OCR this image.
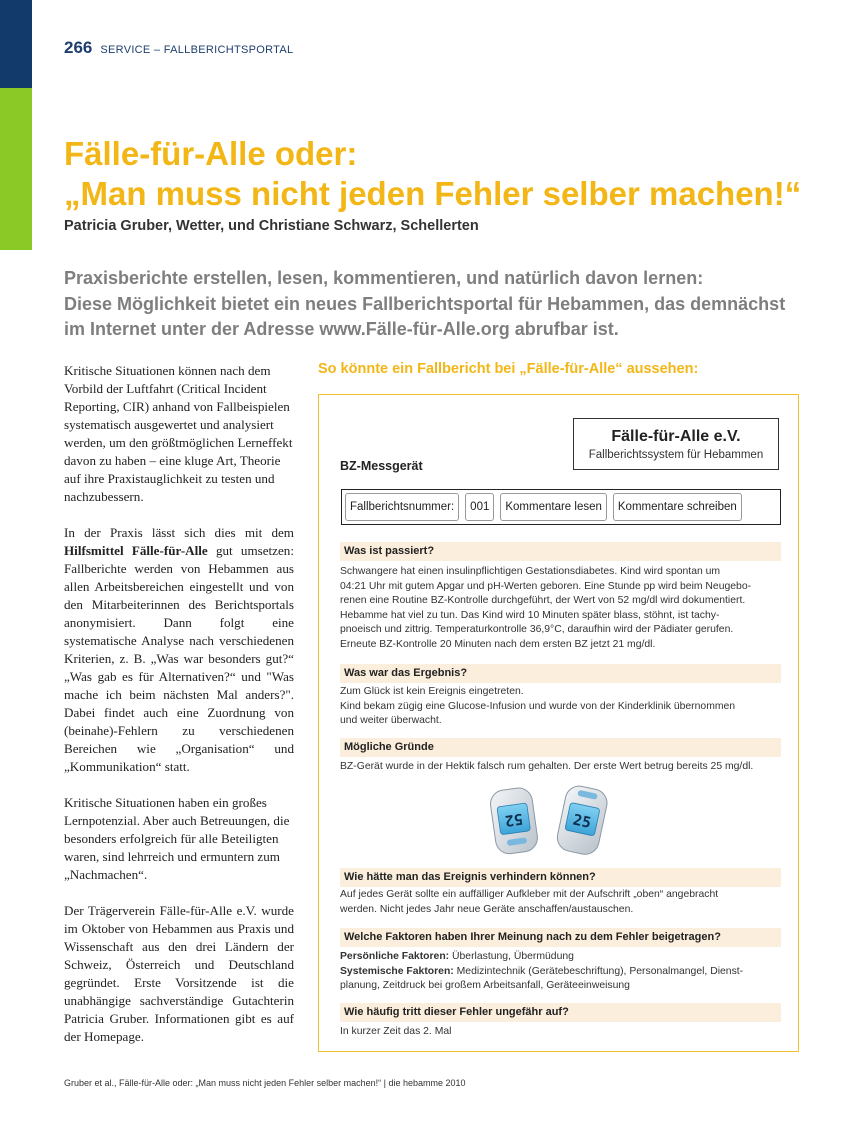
266 SERVICE – FALLBERICHTSPORTAL
Fälle-für-Alle oder:
„Man muss nicht jeden Fehler selber machen!“
Patricia Gruber, Wetter, und Christiane Schwarz, Schellerten

Praxisberichte erstellen, lesen, kommentieren, und natürlich davon lernen:
Diese Möglichkeit bietet ein neues Fallberichtsportal für Hebammen, das demnächst
im Internet unter der Adresse www.Fälle-für-Alle.org abrufbar ist.

Kritische Situationen können nach dem Vorbild der Luftfahrt (Critical Incident Reporting, CIR) anhand von Fallbeispielen systematisch ausgewertet und analysiert werden, um den größtmöglichen Lerneffekt davon zu haben – eine kluge Art, Theorie auf ihre Praxistauglichkeit zu testen und nachzubessern.

In der Praxis lässt sich dies mit dem Hilfsmittel Fälle-für-Alle gut umsetzen: Fallberichte werden von Hebammen aus allen Arbeitsbereichen eingestellt und von den Mitarbeiterinnen des Berichtsportals anonymisiert. Dann folgt eine systematische Analyse nach verschiedenen Kriterien, z. B. „Was war besonders gut?“ „Was gab es für Alternativen?“ und "Was mache ich beim nächsten Mal anders?". Dabei findet auch eine Zuordnung von (beinahe)-Fehlern zu verschiedenen Bereichen wie „Organisation“ und „Kommunikation“ statt.

Kritische Situationen haben ein großes Lernpotenzial. Aber auch Betreuungen, die besonders erfolgreich für alle Beteiligten waren, sind lehrreich und ermuntern zum „Nachmachen“.

Der Trägerverein Fälle-für-Alle e.V. wurde im Oktober von Hebammen aus Praxis und Wissenschaft aus den drei Ländern der Schweiz, Österreich und Deutschland gegründet. Erste Vorsitzende ist die unabhängige sachverständige Gutachterin Patricia Gruber. Informationen gibt es auf der Homepage.

So könnte ein Fallbericht bei „Fälle-für-Alle“ aussehen:
Fälle-für-Alle e.V.
Fallberichtssystem für Hebammen
BZ-Messgerät
Fallberichtsnummer:	001	Kommentare lesen	Kommentare schreiben
Was ist passiert?
Schwangere hat einen insulinpflichtigen Gestationsdiabetes. Kind wird spontan um
04:21 Uhr mit gutem Apgar und pH-Werten geboren. Eine Stunde pp wird beim Neugebo-
renen eine Routine BZ-Kontrolle durchgeführt, der Wert von 52 mg/dl wird dokumentiert.
Hebamme hat viel zu tun. Das Kind wird 10 Minuten später blass, stöhnt, ist tachy-
pnoeisch und zittrig. Temperaturkontrolle 36,9°C, daraufhin wird der Pädiater gerufen.
Erneute BZ-Kontrolle 20 Minuten nach dem ersten BZ jetzt 21 mg/dl.
Was war das Ergebnis?
Zum Glück ist kein Ereignis eingetreten.
Kind bekam zügig eine Glucose-Infusion und wurde von der Kinderklinik übernommen
und weiter überwacht.
Mögliche Gründe
BZ-Gerät wurde in der Hektik falsch rum gehalten. Der erste Wert betrug bereits 25 mg/dl.
52	25
Wie hätte man das Ereignis verhindern können?
Auf jedes Gerät sollte ein auffälliger Aufkleber mit der Aufschrift „oben“ angebracht
werden. Nicht jedes Jahr neue Geräte anschaffen/austauschen.
Welche Faktoren haben Ihrer Meinung nach zu dem Fehler beigetragen?
Persönliche Faktoren: Überlastung, Übermüdung
Systemische Faktoren: Medizintechnik (Gerätebeschriftung), Personalmangel, Dienst-
planung, Zeitdruck bei großem Arbeitsanfall, Geräteeinweisung
Wie häufig tritt dieser Fehler ungefähr auf?
In kurzer Zeit das 2. Mal
Gruber et al., Fälle-für-Alle oder: „Man muss nicht jeden Fehler selber machen!“ | die hebamme 2010
